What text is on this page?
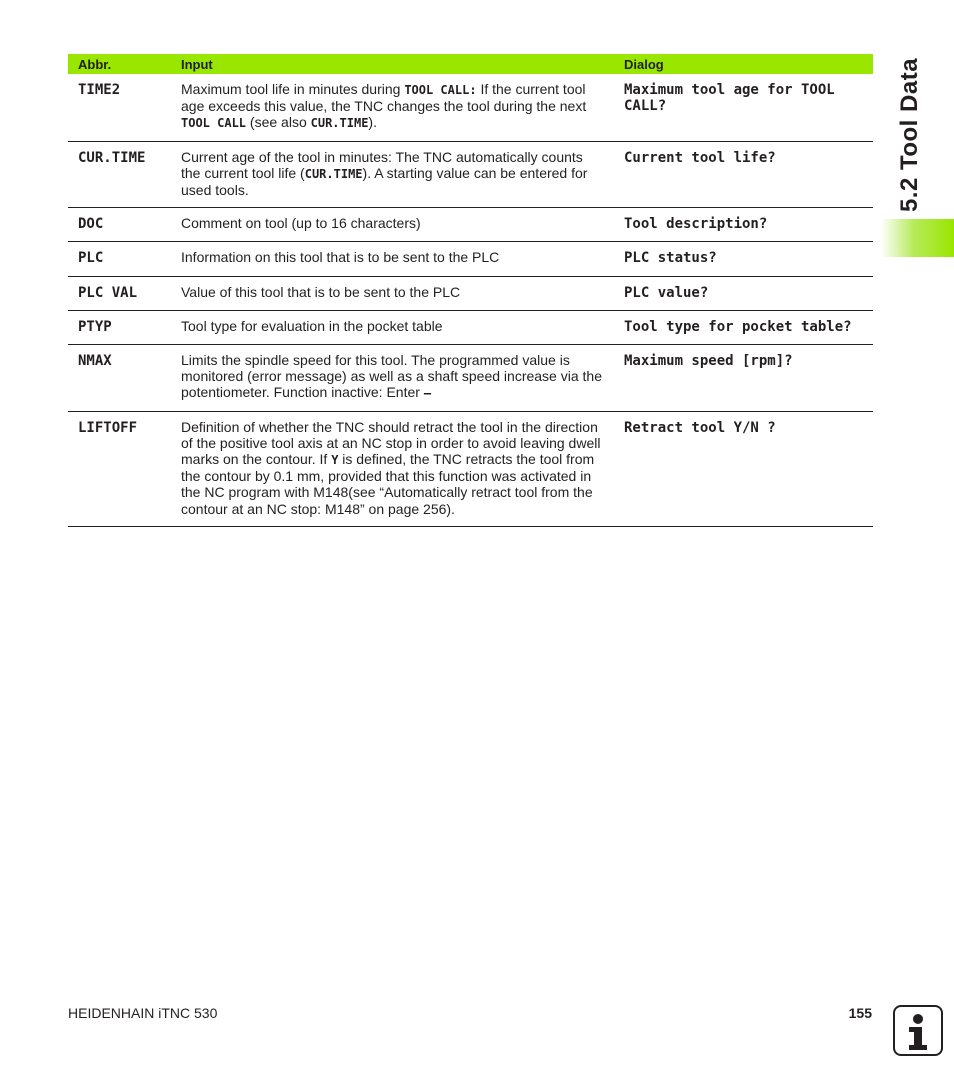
5.2 Tool Data
Abbr.	Input	Dialog
TIME2	Maximum tool life in minutes during TOOL CALL: If the current tool age exceeds this value, the TNC changes the tool during the next TOOL CALL (see also CUR.TIME).	Maximum tool age for TOOL CALL?
CUR.TIME	Current age of the tool in minutes: The TNC automatically counts the current tool life (CUR.TIME). A starting value can be entered for used tools.	Current tool life?
DOC	Comment on tool (up to 16 characters)	Tool description?
PLC	Information on this tool that is to be sent to the PLC	PLC status?
PLC VAL	Value of this tool that is to be sent to the PLC	PLC value?
PTYP	Tool type for evaluation in the pocket table	Tool type for pocket table?
NMAX	Limits the spindle speed for this tool. The programmed value is monitored (error message) as well as a shaft speed increase via the potentiometer. Function inactive: Enter –	Maximum speed [rpm]?
LIFTOFF	Definition of whether the TNC should retract the tool in the direction of the positive tool axis at an NC stop in order to avoid leaving dwell marks on the contour. If Y is defined, the TNC retracts the tool from the contour by 0.1 mm, provided that this function was activated in the NC program with M148(see “Automatically retract tool from the contour at an NC stop: M148” on page 256).	Retract tool Y/N ?
HEIDENHAIN iTNC 530	155
